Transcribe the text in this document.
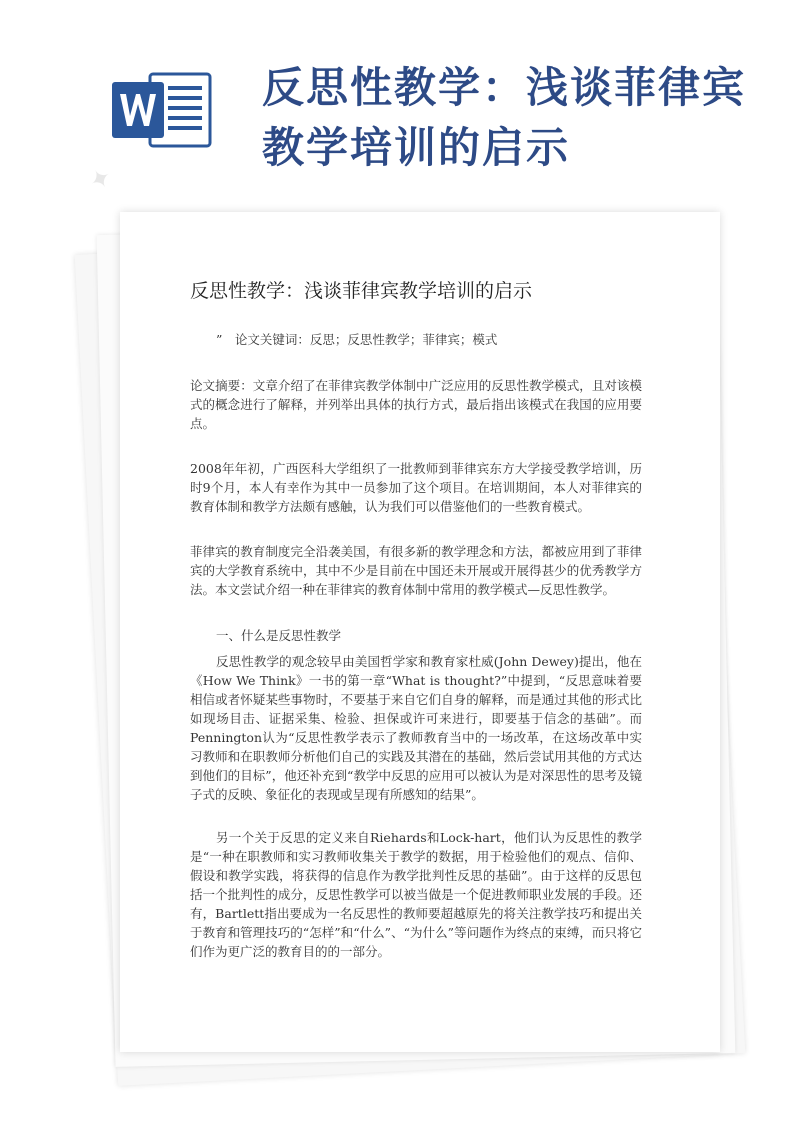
反思性教学：浅谈菲律宾教学培训的启示
✦
反思性教学：浅谈菲律宾教学培训的启示
”　论文关键词：反思；反思性教学；菲律宾；模式
论文摘要：文章介绍了在菲律宾教学体制中广泛应用的反思性教学模式，且对该模式的概念进行了解释，并列举出具体的执行方式，最后指出该模式在我国的应用要点。
2008年年初，广西医科大学组织了一批教师到菲律宾东方大学接受教学培训，历时9个月，本人有幸作为其中一员参加了这个项目。在培训期间，本人对菲律宾的教育体制和教学方法颇有感触，认为我们可以借鉴他们的一些教育模式。
菲律宾的教育制度完全沿袭美国，有很多新的教学理念和方法，都被应用到了菲律宾的大学教育系统中，其中不少是目前在中国还未开展或开展得甚少的优秀教学方法。本文尝试介绍一种在菲律宾的教育体制中常用的教学模式—反思性教学。
一、什么是反思性教学
反思性教学的观念较早由美国哲学家和教育家杜威(John Dewey)提出，他在《How We Think》一书的第一章“What is thought?”中提到，“反思意味着要相信或者怀疑某些事物时，不要基于来自它们自身的解释，而是通过其他的形式比如现场目击、证据采集、检验、担保或许可来进行，即要基于信念的基础”。而Pennington认为“反思性教学表示了教师教育当中的一场改革，在这场改革中实习教师和在职教师分析他们自己的实践及其潜在的基础，然后尝试用其他的方式达到他们的目标”，他还补充到“教学中反思的应用可以被认为是对深思性的思考及镜子式的反映、象征化的表现或呈现有所感知的结果”。
另一个关于反思的定义来自Riehards和Lock-hart，他们认为反思性的教学是“一种在职教师和实习教师收集关于教学的数据，用于检验他们的观点、信仰、假设和教学实践，将获得的信息作为教学批判性反思的基础”。由于这样的反思包括一个批判性的成分，反思性教学可以被当做是一个促进教师职业发展的手段。还有，Bartlett指出要成为一名反思性的教师要超越原先的将关注教学技巧和提出关于教育和管理技巧的“怎样”和“什么”、“为什么”等问题作为终点的束缚，而只将它们作为更广泛的教育目的的一部分。
